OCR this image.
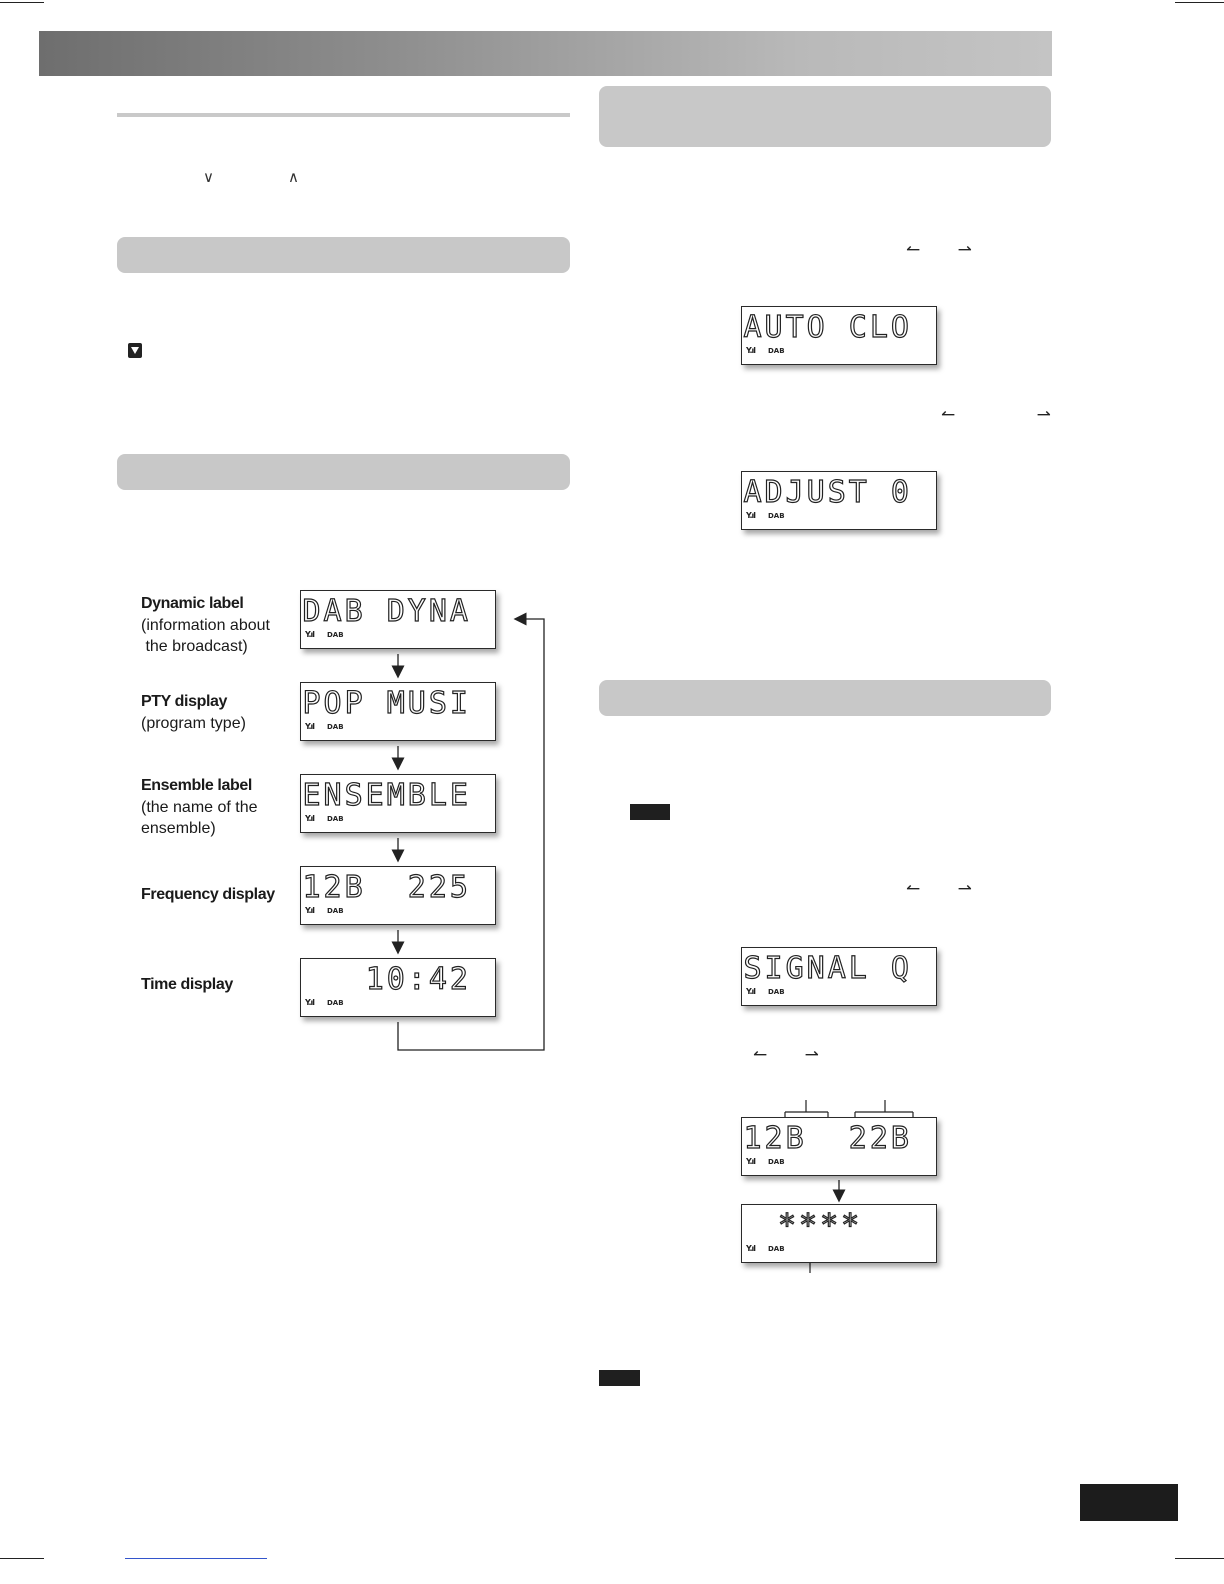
∨	∧
Dynamic label
(information about
the broadcast)
PTY display
(program type)
Ensemble label
(the name of the
ensemble)
Frequency display
Time display
DAB DYNA
Y.ıl DAB
POP MUSI
Y.ıl DAB
ENSEMBLE
Y.ıl DAB
12B  225
Y.ıl DAB
10:42
Y.ıl DAB
↼ ⇀
AUTO CLO
Y.ıl DAB
↼ ⇀
ADJUST 0
Y.ıl DAB
↼ ⇀
SIGNAL Q
Y.ıl DAB
↼ ⇀
12B  22B
Y.ıl DAB
****
Y.ıl DAB
